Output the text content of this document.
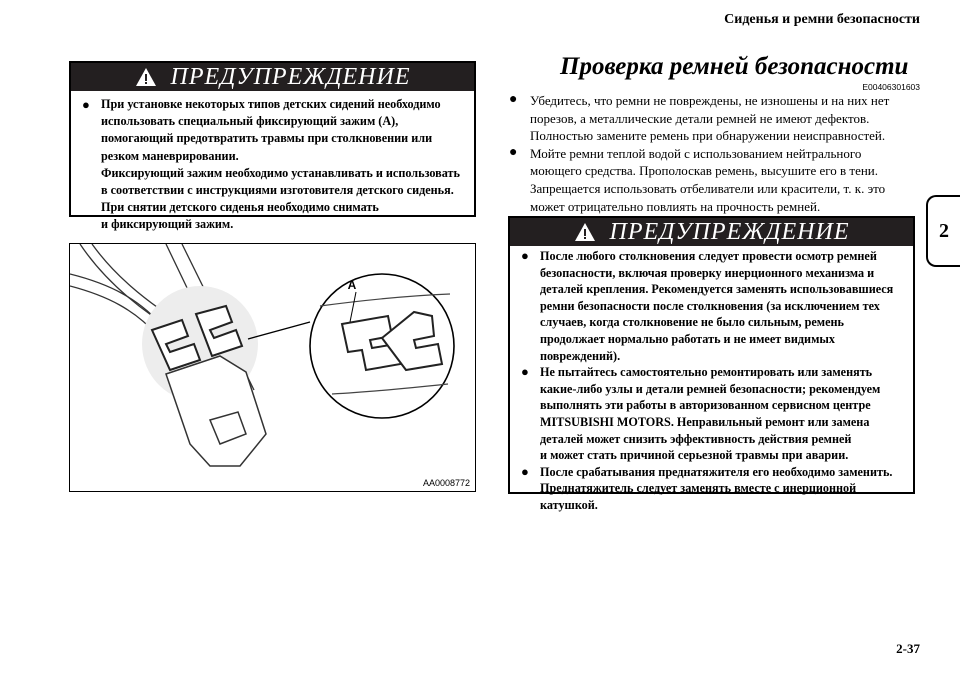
Сиденья и ремни безопасности
2
ПРЕДУПРЕЖДЕНИЕ
● При установке некоторых типов детских сидений необходимо
использовать специальный фиксирующий зажим (A),
помогающий предотвратить травмы при столкновении или
резком маневрировании.
Фиксирующий зажим необходимо устанавливать и использовать
в соответствии с инструкциями изготовителя детского сиденья.
При снятии детского сиденья необходимо снимать
и фиксирующий зажим.
Проверка ремней безопасности
E00406301603
● Убедитесь, что ремни не повреждены, не изношены и на них нет
порезов, а металлические детали ремней не имеют дефектов.
Полностью замените ремень при обнаружении неисправностей.
● Мойте ремни теплой водой с использованием нейтрального
моющего средства. Прополоскав ремень, высушите его в тени.
Запрещается использовать отбеливатели или красители, т. к. это
может отрицательно повлиять на прочность ремней.
ПРЕДУПРЕЖДЕНИЕ
● После любого столкновения следует провести осмотр ремней
безопасности, включая проверку инерционного механизма и
деталей крепления. Рекомендуется заменять использовавшиеся
ремни безопасности после столкновения (за исключением тех
случаев, когда столкновение не было сильным, ремень
продолжает нормально работать и не имеет видимых
повреждений).
● Не пытайтесь самостоятельно ремонтировать или заменять
какие-либо узлы и детали ремней безопасности; рекомендуем
выполнять эти работы в авторизованном сервисном центре
MITSUBISHI MOTORS. Неправильный ремонт или замена
деталей может снизить эффективность действия ремней
и может стать причиной серьезной травмы при аварии.
● После срабатывания преднатяжителя его необходимо заменить.
Преднатяжитель следует заменять вместе с инерционной
катушкой.
A
AA0008772
2-37
